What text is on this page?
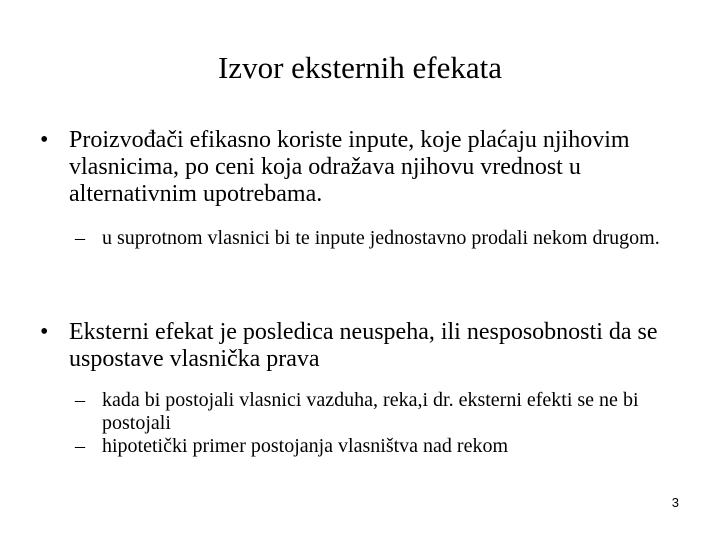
Izvor eksternih efekata
• Proizvođači efikasno koriste inpute, koje plaćaju njihovim vlasnicima, po ceni koja odražava njihovu vrednost u alternativnim upotrebama.
– u suprotnom vlasnici bi te inpute jednostavno prodali nekom drugom.
• Eksterni efekat je posledica neuspeha, ili nesposobnosti da se uspostave vlasnička prava
– kada bi postojali vlasnici vazduha, reka,i dr. eksterni efekti se ne bi postojali
– hipotetički primer postojanja vlasništva nad rekom
3
